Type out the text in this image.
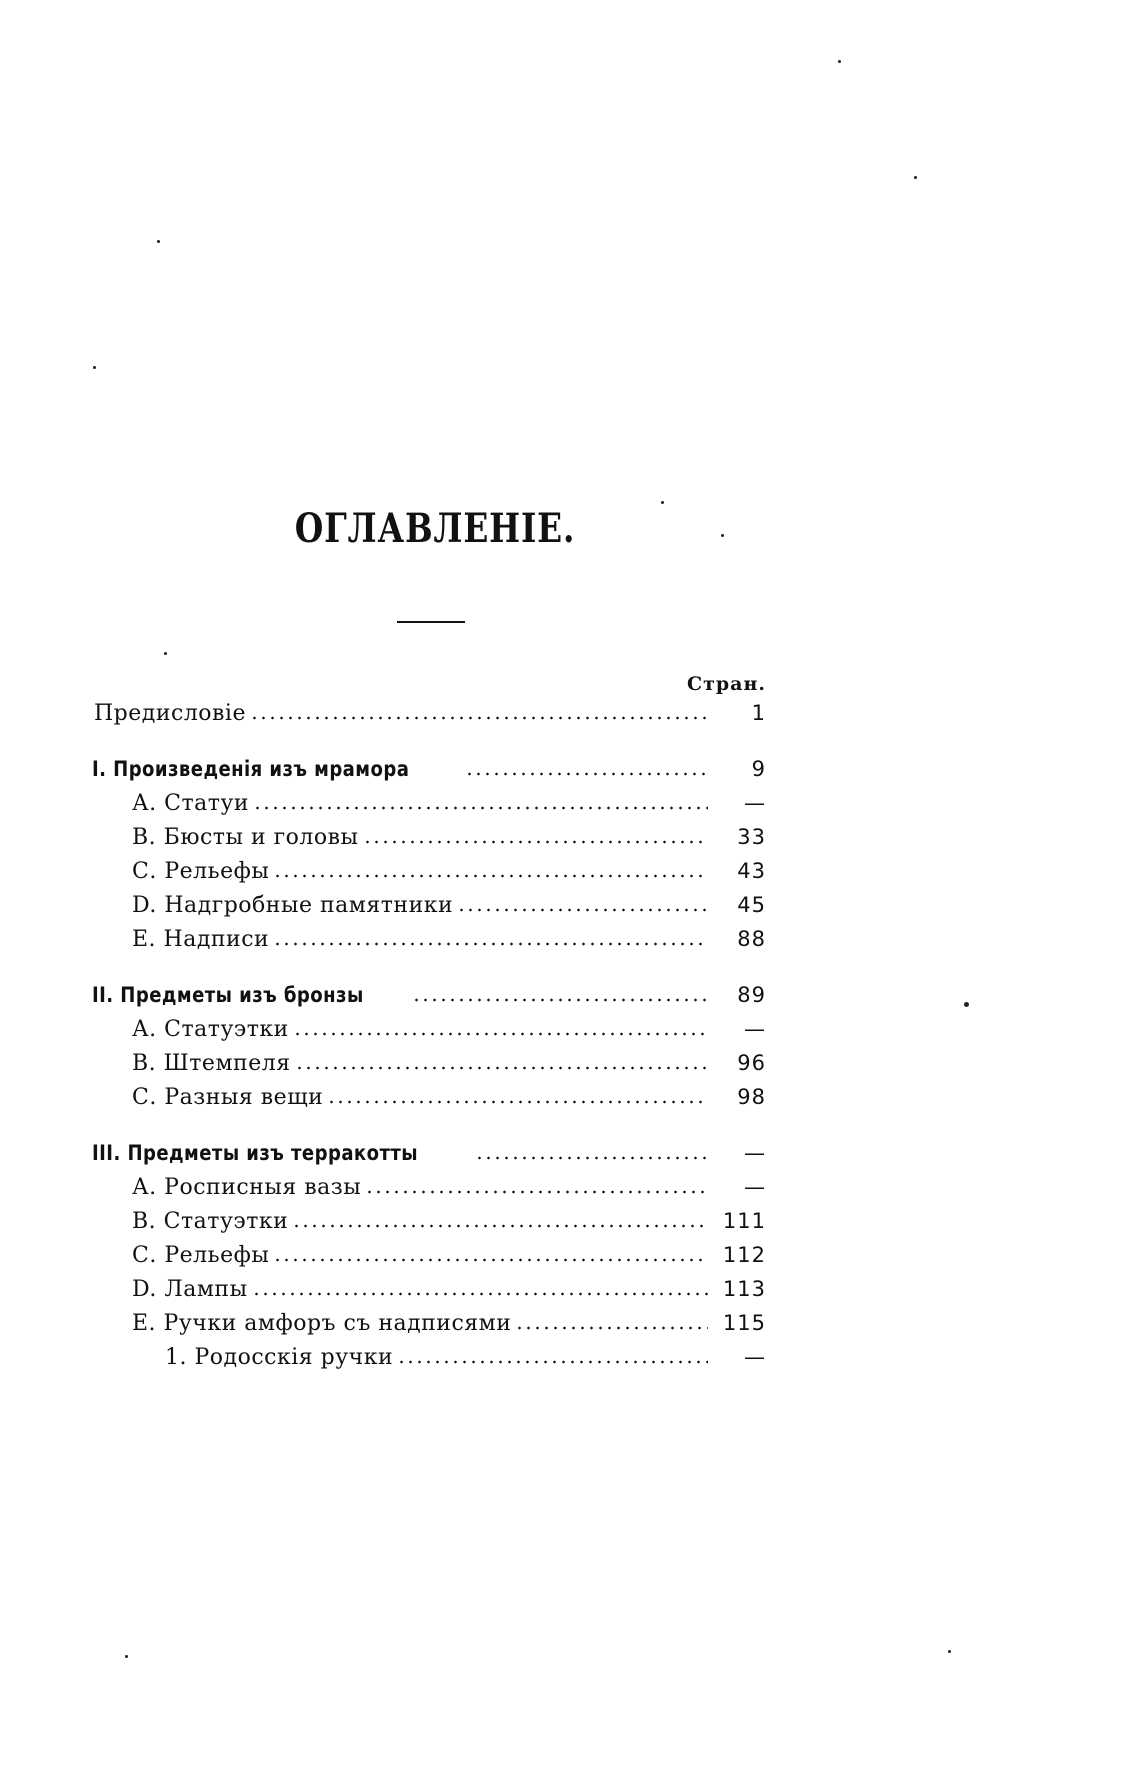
ОГЛАВЛЕНІЕ.
Стран.
Предисловіе	1
I. Произведенія изъ мрамора	9
А. Статуи	—
В. Бюсты и головы	33
С. Рельефы	43
D. Надгробные памятники	45
Е. Надписи	88
II. Предметы изъ бронзы	89
А. Статуэтки	—
В. Штемпеля	96
С. Разныя вещи	98
III. Предметы изъ терракотты	—
А. Росписныя вазы	—
В. Статуэтки	111
С. Рельефы	112
D. Лампы	113
Е. Ручки амфоръ съ надписями	115
1. Родосскія ручки	—
